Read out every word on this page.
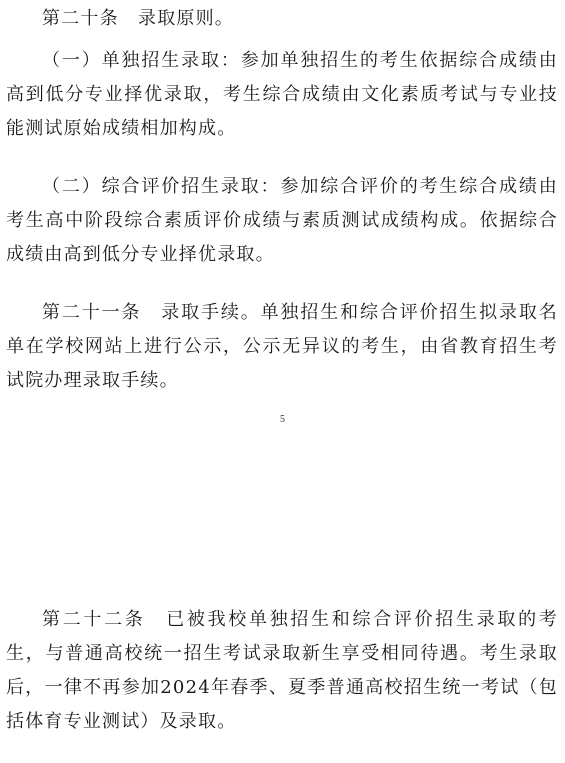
第二十条　录取原则。

（一）单独招生录取：参加单独招生的考生依据综合成绩由高到低分专业择优录取，考生综合成绩由文化素质考试与专业技能测试原始成绩相加构成。

（二）综合评价招生录取：参加综合评价的考生综合成绩由考生高中阶段综合素质评价成绩与素质测试成绩构成。依据综合成绩由高到低分专业择优录取。

第二十一条　录取手续。单独招生和综合评价招生拟录取名单在学校网站上进行公示，公示无异议的考生，由省教育招生考试院办理录取手续。

5

第二十二条　已被我校单独招生和综合评价招生录取的考生，与普通高校统一招生考试录取新生享受相同待遇。考生录取后，一律不再参加2024年春季、夏季普通高校招生统一考试（包括体育专业测试）及录取。
